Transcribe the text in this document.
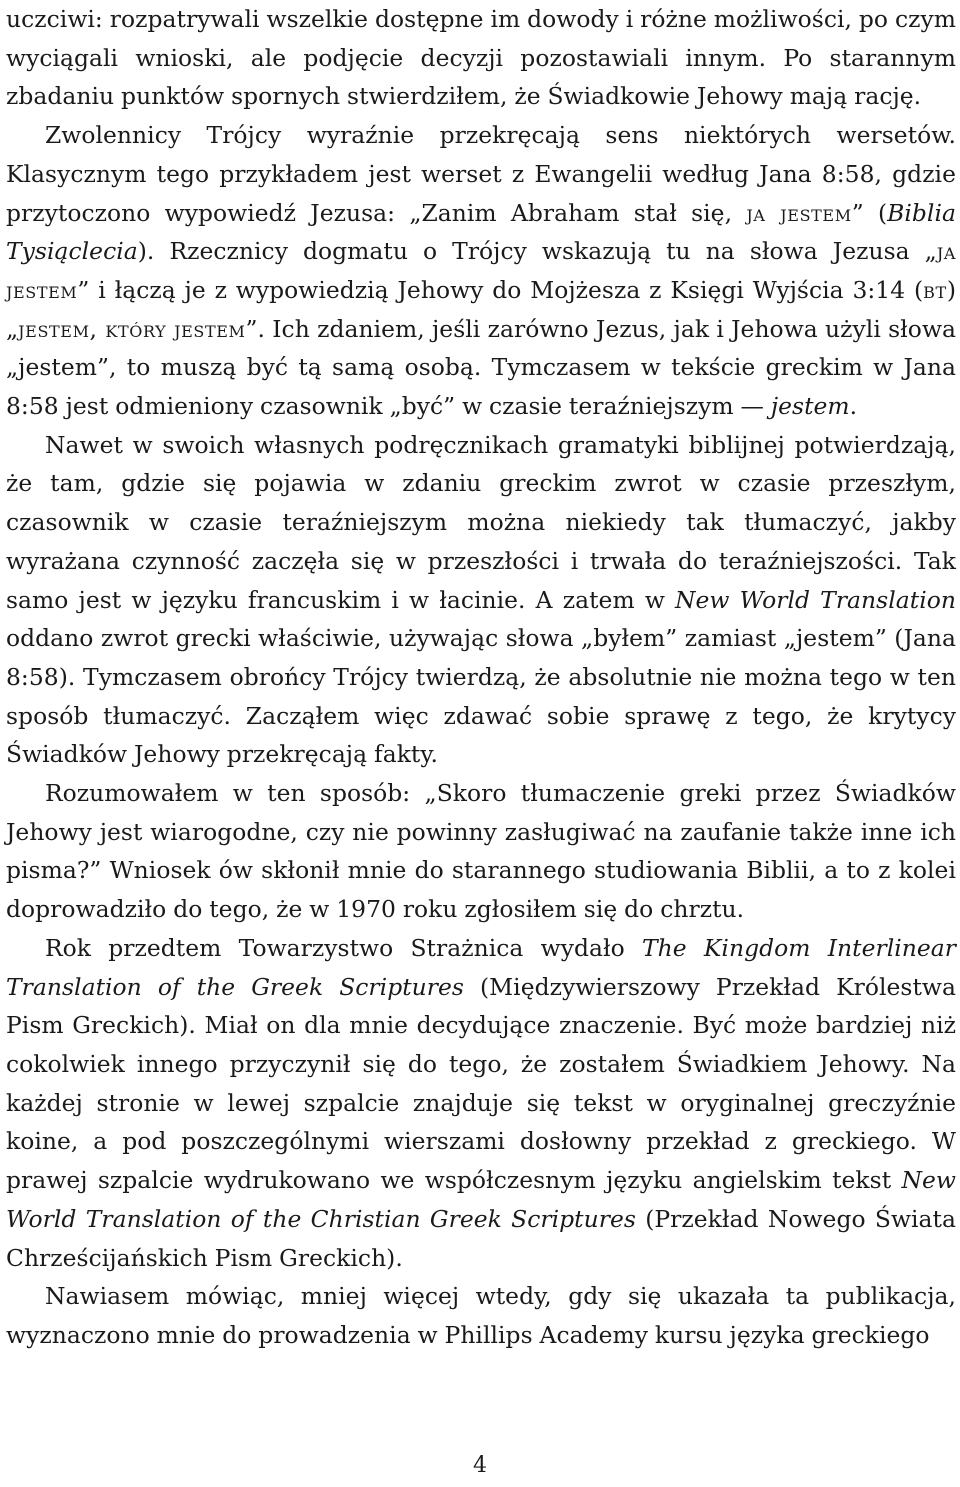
uczciwi: rozpatrywali wszelkie dostępne im dowody i różne możliwości, po czym wyciągali wnioski, ale podjęcie decyzji pozostawiali innym. Po starannym zbadaniu punktów spornych stwierdziłem, że Świadkowie Jehowy mają rację.

Zwolennicy Trójcy wyraźnie przekręcają sens niektórych wersetów. Klasycznym tego przykładem jest werset z Ewangelii według Jana 8:58, gdzie przytoczono wypowiedź Jezusa: „Zanim Abraham stał się, ja jestem” (Biblia Tysiąclecia). Rzecznicy dogmatu o Trójcy wskazują tu na słowa Jezusa „ja jestem” i łączą je z wypowiedzią Jehowy do Mojżesza z Księgi Wyjścia 3:14 (bt) „jestem, który jestem”. Ich zdaniem, jeśli zarówno Jezus, jak i Jehowa użyli słowa „jestem”, to muszą być tą samą osobą. Tymczasem w tekście greckim w Jana 8:58 jest odmieniony czasownik „być” w czasie teraźniejszym — jestem.

Nawet w swoich własnych podręcznikach gramatyki biblijnej potwierdzają, że tam, gdzie się pojawia w zdaniu greckim zwrot w czasie przeszłym, czasownik w czasie teraźniejszym można niekiedy tak tłumaczyć, jakby wyrażana czynność zaczęła się w przeszłości i trwała do teraźniejszości. Tak samo jest w języku francuskim i w łacinie. A zatem w New World Translation oddano zwrot grecki właściwie, używając słowa „byłem” zamiast „jestem” (Jana 8:58). Tymczasem obrońcy Trójcy twierdzą, że absolutnie nie można tego w ten sposób tłumaczyć. Zacząłem więc zdawać sobie sprawę z tego, że krytycy Świadków Jehowy przekręcają fakty.

Rozumowałem w ten sposób: „Skoro tłumaczenie greki przez Świadków Jehowy jest wiarogodne, czy nie powinny zasługiwać na zaufanie także inne ich pisma?” Wniosek ów skłonił mnie do starannego studiowania Biblii, a to z kolei doprowadziło do tego, że w 1970 roku zgłosiłem się do chrztu.

Rok przedtem Towarzystwo Strażnica wydało The Kingdom Interlinear Translation of the Greek Scriptures (Międzywierszowy Przekład Królestwa Pism Greckich). Miał on dla mnie decydujące znaczenie. Być może bardziej niż cokolwiek innego przyczynił się do tego, że zostałem Świadkiem Jehowy. Na każdej stronie w lewej szpalcie znajduje się tekst w oryginalnej greczyźnie koine, a pod poszczególnymi wierszami dosłowny przekład z greckiego. W prawej szpalcie wydrukowano we współczesnym języku angielskim tekst New World Translation of the Christian Greek Scriptures (Przekład Nowego Świata Chrześcijańskich Pism Greckich).

Nawiasem mówiąc, mniej więcej wtedy, gdy się ukazała ta publikacja, wyznaczono mnie do prowadzenia w Phillips Academy kursu języka greckiego

4
